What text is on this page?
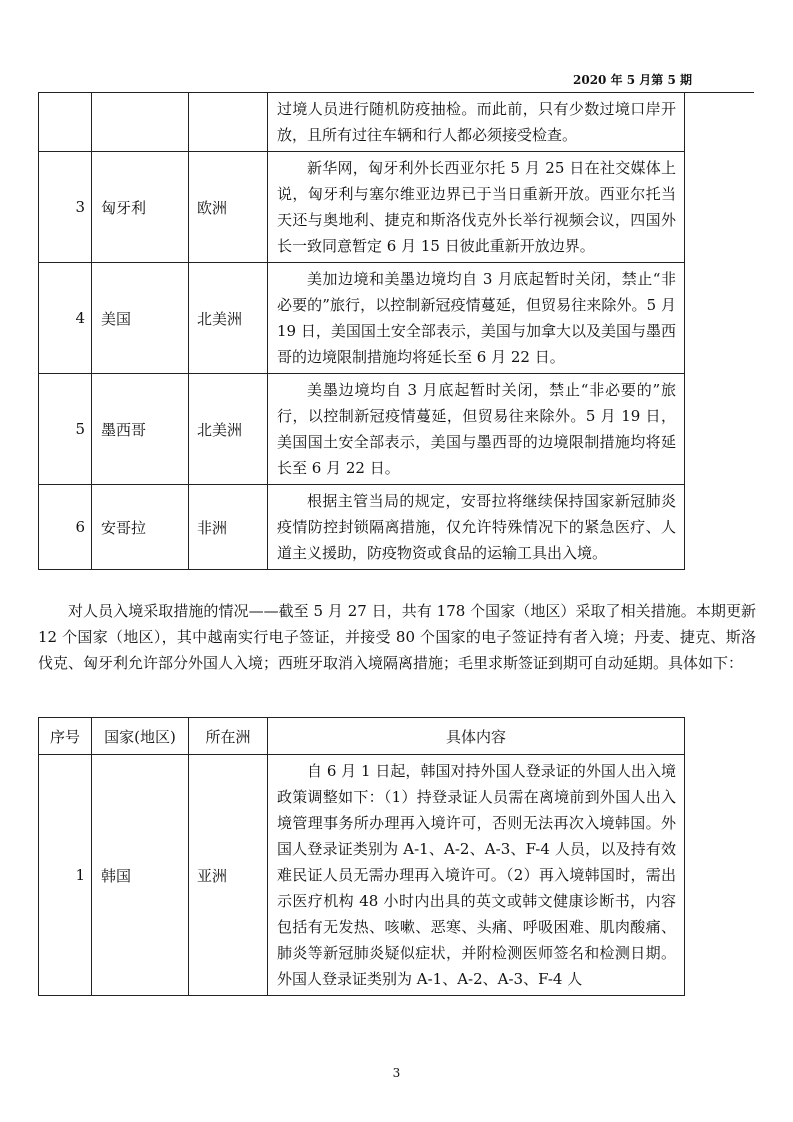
2020 年 5 月第 5 期
			过境人员进行随机防疫抽检。而此前，只有少数过境口岸开放，且所有过往车辆和行人都必须接受检查。
3	匈牙利	欧洲	新华网，匈牙利外长西亚尔托 5 月 25 日在社交媒体上说，匈牙利与塞尔维亚边界已于当日重新开放。西亚尔托当天还与奥地利、捷克和斯洛伐克外长举行视频会议，四国外长一致同意暂定 6 月 15 日彼此重新开放边界。
4	美国	北美洲	美加边境和美墨边境均自 3 月底起暂时关闭，禁止“非必要的”旅行，以控制新冠疫情蔓延，但贸易往来除外。5 月 19 日，美国国土安全部表示，美国与加拿大以及美国与墨西哥的边境限制措施均将延长至 6 月 22 日。
5	墨西哥	北美洲	美墨边境均自 3 月底起暂时关闭，禁止“非必要的”旅行，以控制新冠疫情蔓延，但贸易往来除外。5 月 19 日，美国国土安全部表示，美国与墨西哥的边境限制措施均将延长至 6 月 22 日。
6	安哥拉	非洲	根据主管当局的规定，安哥拉将继续保持国家新冠肺炎疫情防控封锁隔离措施，仅允许特殊情况下的紧急医疗、人道主义援助，防疫物资或食品的运输工具出入境。

对人员入境采取措施的情况——截至 5 月 27 日，共有 178 个国家（地区）采取了相关措施。本期更新 12 个国家（地区），其中越南实行电子签证，并接受 80 个国家的电子签证持有者入境；丹麦、捷克、斯洛伐克、匈牙利允许部分外国人入境；西班牙取消入境隔离措施；毛里求斯签证到期可自动延期。具体如下：

序号	国家(地区)	所在洲	具体内容
1	韩国	亚洲	自 6 月 1 日起，韩国对持外国人登录证的外国人出入境政策调整如下：（1）持登录证人员需在离境前到外国人出入境管理事务所办理再入境许可，否则无法再次入境韩国。外国人登录证类别为 A-1、A-2、A-3、F-4 人员，以及持有效难民证人员无需办理再入境许可。（2）再入境韩国时，需出示医疗机构 48 小时内出具的英文或韩文健康诊断书，内容包括有无发热、咳嗽、恶寒、头痛、呼吸困难、肌肉酸痛、肺炎等新冠肺炎疑似症状，并附检测医师签名和检测日期。外国人登录证类别为 A-1、A-2、A-3、F-4 人
3
